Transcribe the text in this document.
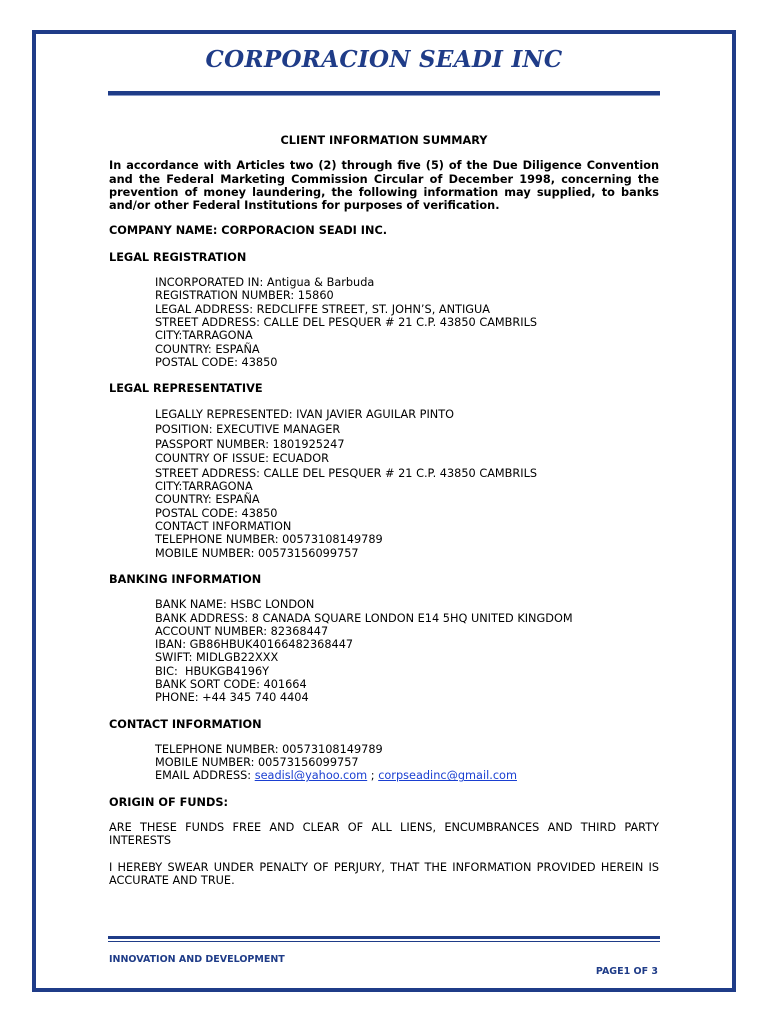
CORPORACION SEADI INC

CLIENT INFORMATION SUMMARY

In accordance with Articles two (2) through five (5) of the Due Diligence Convention and the Federal Marketing Commission Circular of December 1998, concerning the prevention of money laundering, the following information may supplied, to banks and/or other Federal Institutions for purposes of verification.

COMPANY NAME: CORPORACION SEADI INC.

LEGAL REGISTRATION

INCORPORATED IN: Antigua & Barbuda
REGISTRATION NUMBER: 15860
LEGAL ADDRESS: REDCLIFFE STREET, ST. JOHN’S, ANTIGUA
STREET ADDRESS: CALLE DEL PESQUER # 21 C.P. 43850 CAMBRILS
CITY:TARRAGONA
COUNTRY: ESPAÑA
POSTAL CODE: 43850

LEGAL REPRESENTATIVE

LEGALLY REPRESENTED: IVAN JAVIER AGUILAR PINTO
POSITION: EXECUTIVE MANAGER
PASSPORT NUMBER: 1801925247
COUNTRY OF ISSUE: ECUADOR
STREET ADDRESS: CALLE DEL PESQUER # 21 C.P. 43850 CAMBRILS
CITY:TARRAGONA
COUNTRY: ESPAÑA
POSTAL CODE: 43850
CONTACT INFORMATION
TELEPHONE NUMBER: 00573108149789
MOBILE NUMBER: 00573156099757

BANKING INFORMATION

BANK NAME: HSBC LONDON
BANK ADDRESS: 8 CANADA SQUARE LONDON E14 5HQ UNITED KINGDOM
ACCOUNT NUMBER: 82368447
IBAN: GB86HBUK40166482368447
SWIFT: MIDLGB22XXX
BIC:  HBUKGB4196Y
BANK SORT CODE: 401664
PHONE: +44 345 740 4404

CONTACT INFORMATION

TELEPHONE NUMBER: 00573108149789
MOBILE NUMBER: 00573156099757
EMAIL ADDRESS: seadisl@yahoo.com ; corpseadinc@gmail.com

ORIGIN OF FUNDS:

ARE THESE FUNDS FREE AND CLEAR OF ALL LIENS, ENCUMBRANCES AND THIRD PARTY INTERESTS

I HEREBY SWEAR UNDER PENALTY OF PERJURY, THAT THE INFORMATION PROVIDED HEREIN IS ACCURATE AND TRUE.

INNOVATION AND DEVELOPMENT
PAGE1 OF 3
